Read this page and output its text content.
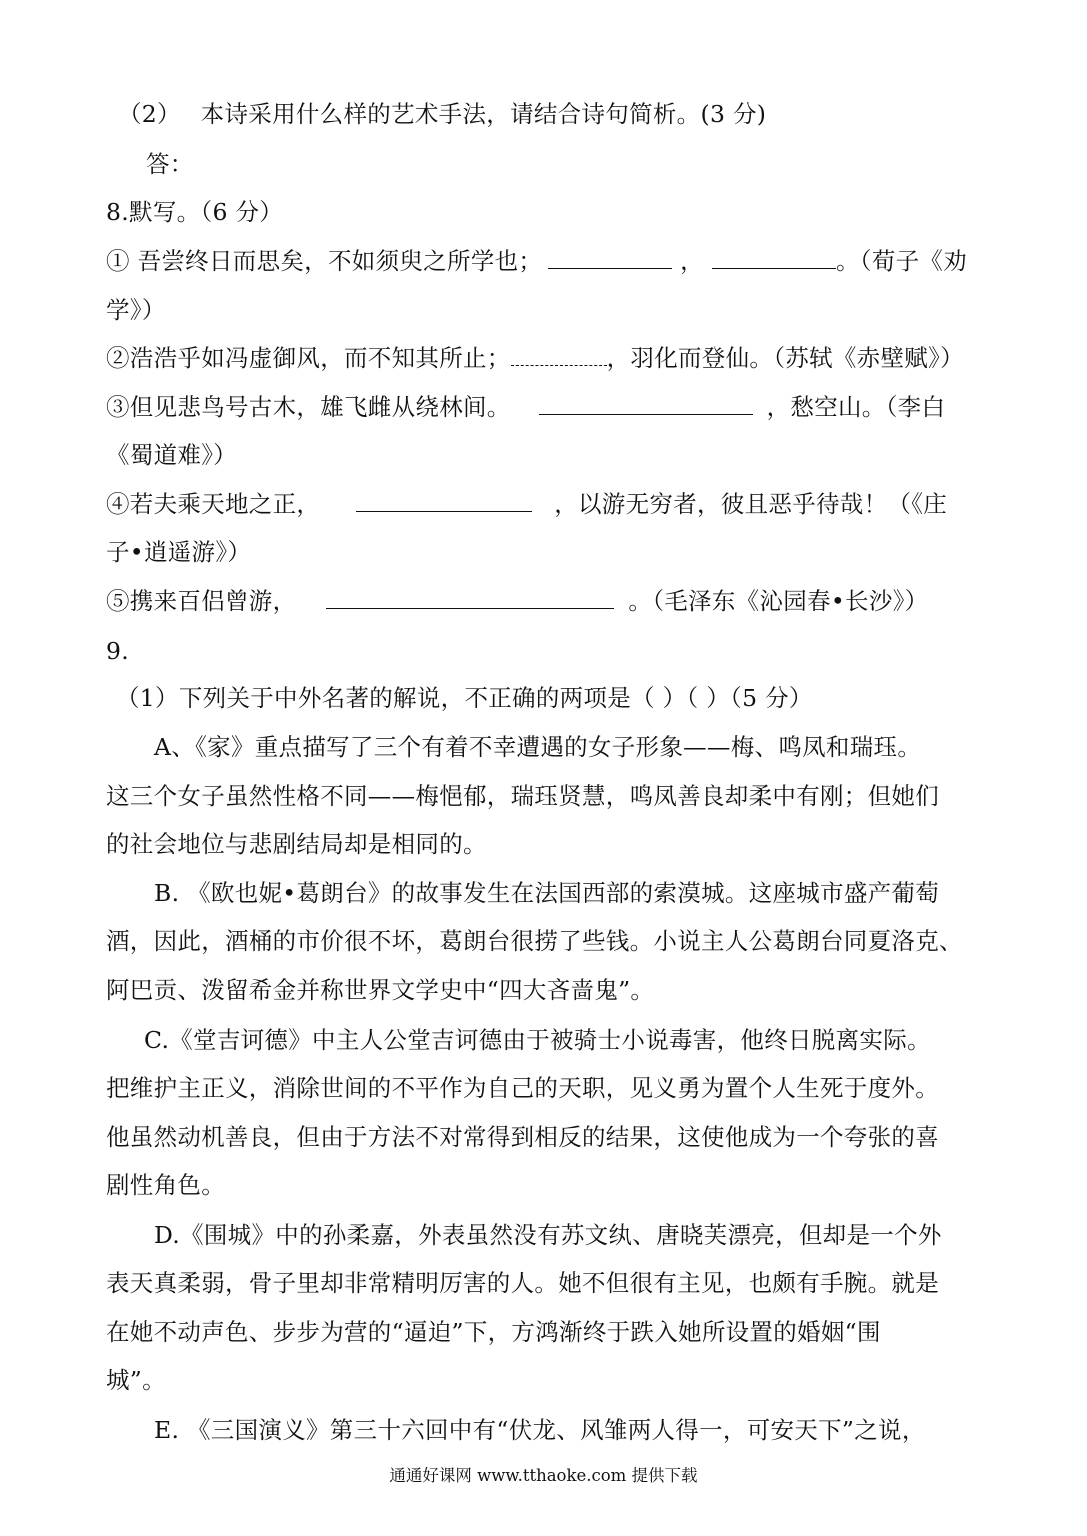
（2）　 本诗采用什么样的艺术手法，请结合诗句简析。(3 分)
答：
8.默写。（6 分）
① 吾尝终日而思矣，不如须臾之所学也；	，	。（荀子《劝
学》）
②浩浩乎如冯虚御风，而不知其所止；	，羽化而登仙。（苏轼《赤壁赋》）
③但见悲鸟号古木，雄飞雌从绕林间。	，愁空山。（李白
《蜀道难》）
④若夫乘天地之正，	，以游无穷者，彼且恶乎待哉！（《庄
子•逍遥游》）
⑤携来百侣曾游，	。（毛泽东《沁园春•长沙》）
9.
（1）下列关于中外名著的解说，不正确的两项是（ ）（ ）（5 分）
A、《家》重点描写了三个有着不幸遭遇的女子形象——梅、鸣凤和瑞珏。
这三个女子虽然性格不同——梅悒郁，瑞珏贤慧，鸣凤善良却柔中有刚；但她们
的社会地位与悲剧结局却是相同的。
B. 《欧也妮•葛朗台》的故事发生在法国西部的索漠城。这座城市盛产葡萄
酒，因此，酒桶的市价很不坏，葛朗台很捞了些钱。小说主人公葛朗台同夏洛克、
阿巴贡、泼留希金并称世界文学史中“四大吝啬鬼”。
C.《堂吉诃德》中主人公堂吉诃德由于被骑士小说毒害，他终日脱离实际。
把维护主正义，消除世间的不平作为自己的天职，见义勇为置个人生死于度外。
他虽然动机善良，但由于方法不对常得到相反的结果，这使他成为一个夸张的喜
剧性角色。
D.《围城》中的孙柔嘉，外表虽然没有苏文纨、唐晓芙漂亮，但却是一个外
表天真柔弱，骨子里却非常精明厉害的人。她不但很有主见，也颇有手腕。就是
在她不动声色、步步为营的“逼迫”下，方鸿渐终于跌入她所设置的婚姻“围
城”。
E. 《三国演义》第三十六回中有“伏龙、风雏两人得一，可安天下”之说，
通通好课网 www.tthaoke.com 提供下载
